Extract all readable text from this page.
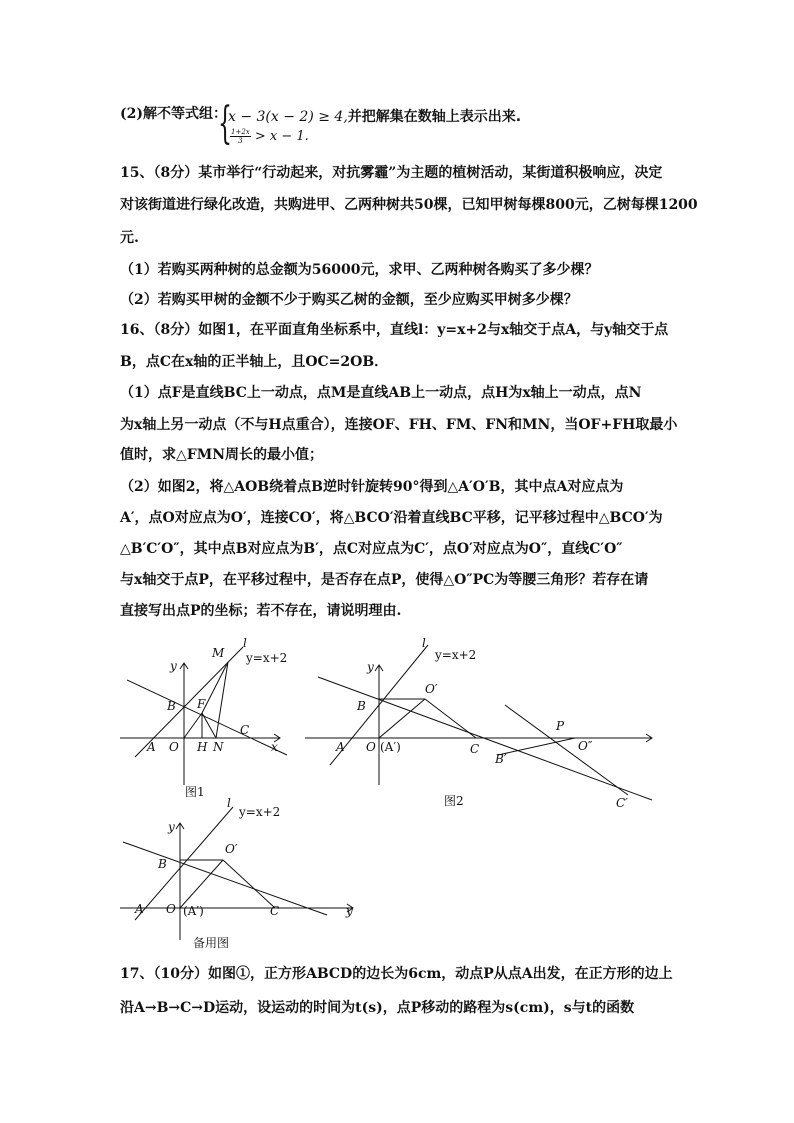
(2)解不等式组：
{
x − 3(x − 2) ≥ 4,并把解集在数轴上表示出来.
$\frac{1+2x}{3} > x - 1$.
15、（8分）某市举行“行动起来，对抗雾霾”为主题的植树活动，某街道积极响应，决定
对该街道进行绿化改造，共购进甲、乙两种树共50棵，已知甲树每棵800元，乙树每棵1200
元.
（1）若购买两种树的总金额为56000元，求甲、乙两种树各购买了多少棵？
（2）若购买甲树的金额不少于购买乙树的金额，至少应购买甲树多少棵？
16、（8分）如图1，在平面直角坐标系中，直线l：y=x+2与x轴交于点A，与y轴交于点
B，点C在x轴的正半轴上，且OC=2OB．
（1）点F是直线BC上一动点，点M是直线AB上一动点，点H为x轴上一动点，点N
为x轴上另一动点（不与H点重合），连接OF、FH、FM、FN和MN，当OF+FH取最小
值时，求△FMN周长的最小值；
（2）如图2，将△AOB绕着点B逆时针旋转90°得到△A′O′B，其中点A对应点为
A′，点O对应点为O′，连接CO′，将△BCO′沿着直线BC平移，记平移过程中△BCO′为
△B′C′O″，其中点B对应点为B′，点C对应点为C′，点O′对应点为O″，直线C′O″
与x轴交于点P，在平移过程中，是否存在点P，使得△O″PC为等腰三角形？若存在请
直接写出点P的坐标；若不存在，请说明理由.
l
y=x+2
M
y
B F
C
A O H N	x
图1
l
y=x+2
y
O′
B
A O (A′)	C
B′
P
O″
C′
图2
l
y=x+2
y
O′
B
A O (A′)	C	y
备用图
17、（10分）如图①，正方形ABCD的边长为6cm，动点P从点A出发，在正方形的边上
沿A→B→C→D运动，设运动的时间为t(s)，点P移动的路程为s(cm)，s与t的函数
